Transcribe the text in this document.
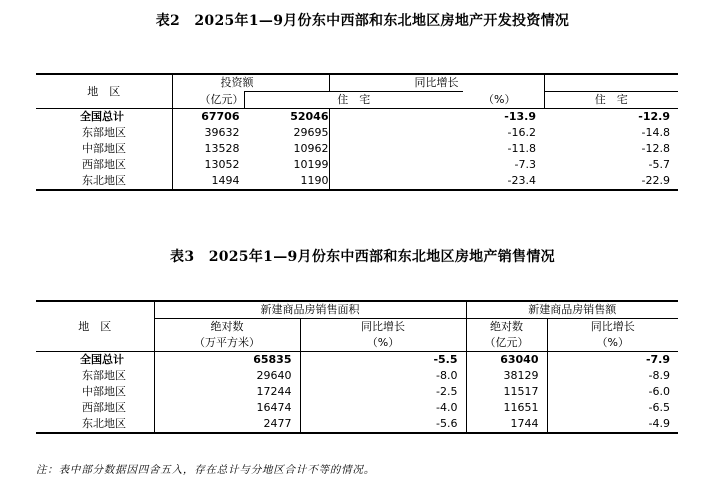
表2　2025年1—9月份东中西部和东北地区房地产开发投资情况
地　区	投资额		同比增长		
	（亿元）	住　宅		（%）	住　宅
全国总计	67706 52046		-13.9		-12.9
东部地区	39632 29695		-16.2		-14.8
中部地区	13528 10962		-11.8		-12.8
西部地区	13052 10199		-7.3		-5.7
东北地区	1494 1190		-23.4		-22.9
表3　2025年1—9月份东中西部和东北地区房地产销售情况
地　区	新建商品房销售面积		新建商品房销售额	
	绝对数	同比增长	绝对数	同比增长
	（万平方米）	（%）	（亿元）	（%）
全国总计	65835	-5.5	63040	-7.9
东部地区	29640	-8.0	38129	-8.9
中部地区	17244	-2.5	11517	-6.0
西部地区	16474	-4.0	11651	-6.5
东北地区	2477	-5.6	1744	-4.9
注：表中部分数据因四舍五入，存在总计与分地区合计不等的情况。
